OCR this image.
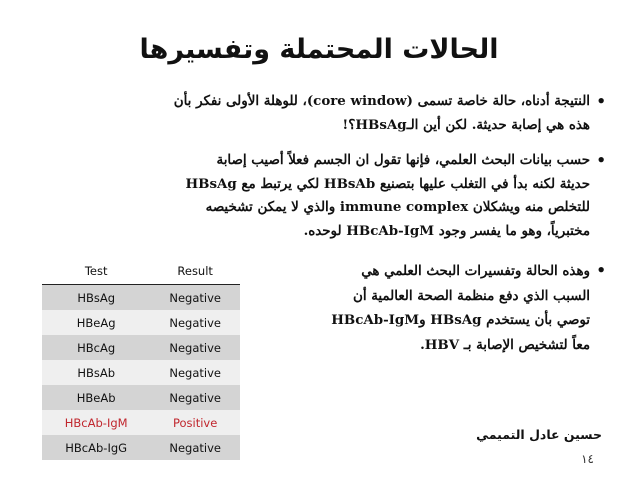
الحالات المحتملة وتفسيرها
• النتيجة أدناه، حالة خاصة تسمى (core window)، للوهلة الأولى نفكر بأن
هذه هي إصابة حديثة. لكن أين الـHBsAg؟!
• حسب بيانات البحث العلمي، فإنها تقول ان الجسم فعلاً أصيب إصابة
حديثة لكنه بدأ في التغلب عليها بتصنيع HBsAb لكي يرتبط مع HBsAg
للتخلص منه ويشكلان immune complex والذي لا يمكن تشخيصه
مختبرياً، وهو ما يفسر وجود HBcAb-IgM لوحده.
• وهذه الحالة وتفسيرات البحث العلمي هي
السبب الذي دفع منظمة الصحة العالمية أن
توصي بأن يستخدم HBsAg وHBcAb-IgM
معاً لتشخيص الإصابة بـ HBV.
Test	Result
HBsAg	Negative
HBeAg	Negative
HBcAg	Negative
HBsAb	Negative
HBeAb	Negative
HBcAb-IgM	Positive
HBcAb-IgG	Negative
حسين عادل التميمي
١٤
